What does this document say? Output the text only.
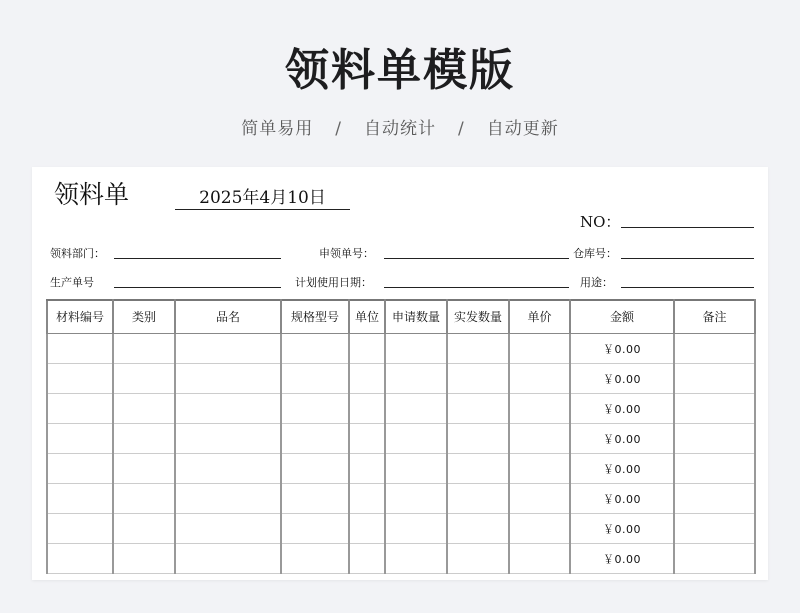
领料单模版
简单易用 / 自动统计 / 自动更新
领料单	2025年4月10日
NO：
领料部门：	申领单号：	仓库号：
生产单号	计划使用日期：	用途：
材料编号	类别	品名	规格型号	单位	申请数量	实发数量	单价	金额	备注
								￥0.00	
								￥0.00	
								￥0.00	
								￥0.00	
								￥0.00	
								￥0.00	
								￥0.00	
								￥0.00	
